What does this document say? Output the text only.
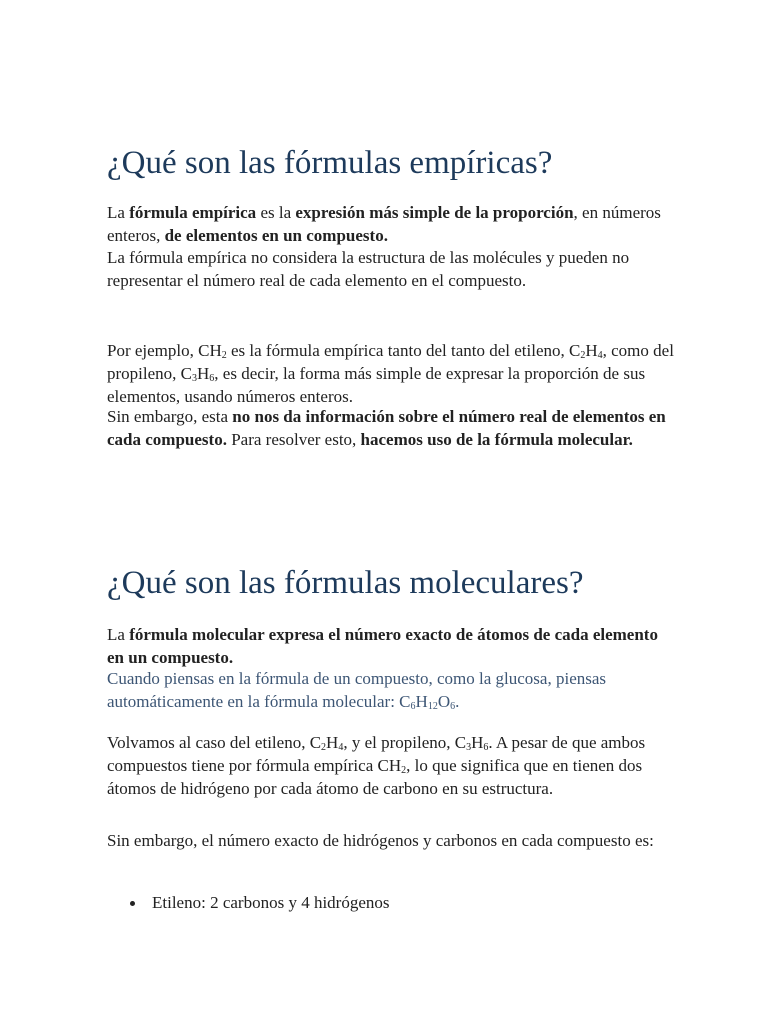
¿Qué son las fórmulas empíricas?

La fórmula empírica es la expresión más simple de la proporción, en números enteros, de elementos en un compuesto.

La fórmula empírica no considera la estructura de las molécules y pueden no representar el número real de cada elemento en el compuesto.

Por ejemplo, $CH_2$ es la fórmula empírica tanto del tanto del etileno, $C_2H_4$, como del propileno, $C_3H_6$, es decir, la forma más simple de expresar la proporción de sus elementos, usando números enteros.

Sin embargo, esta no nos da información sobre el número real de elementos en cada compuesto. Para resolver esto, hacemos uso de la fórmula molecular.

¿Qué son las fórmulas moleculares?

La fórmula molecular expresa el número exacto de átomos de cada elemento en un compuesto.

Cuando piensas en la fórmula de un compuesto, como la glucosa, piensas automáticamente en la fórmula molecular: $C_6H_{12}O_6$.

Volvamos al caso del etileno, $C_2H_4$, y el propileno, $C_3H_6$. A pesar de que ambos compuestos tiene por fórmula empírica $CH_2$, lo que significa que en tienen dos átomos de hidrógeno por cada átomo de carbono en su estructura.

Sin embargo, el número exacto de hidrógenos y carbonos en cada compuesto es:

Etileno: 2 carbonos y 4 hidrógenos
